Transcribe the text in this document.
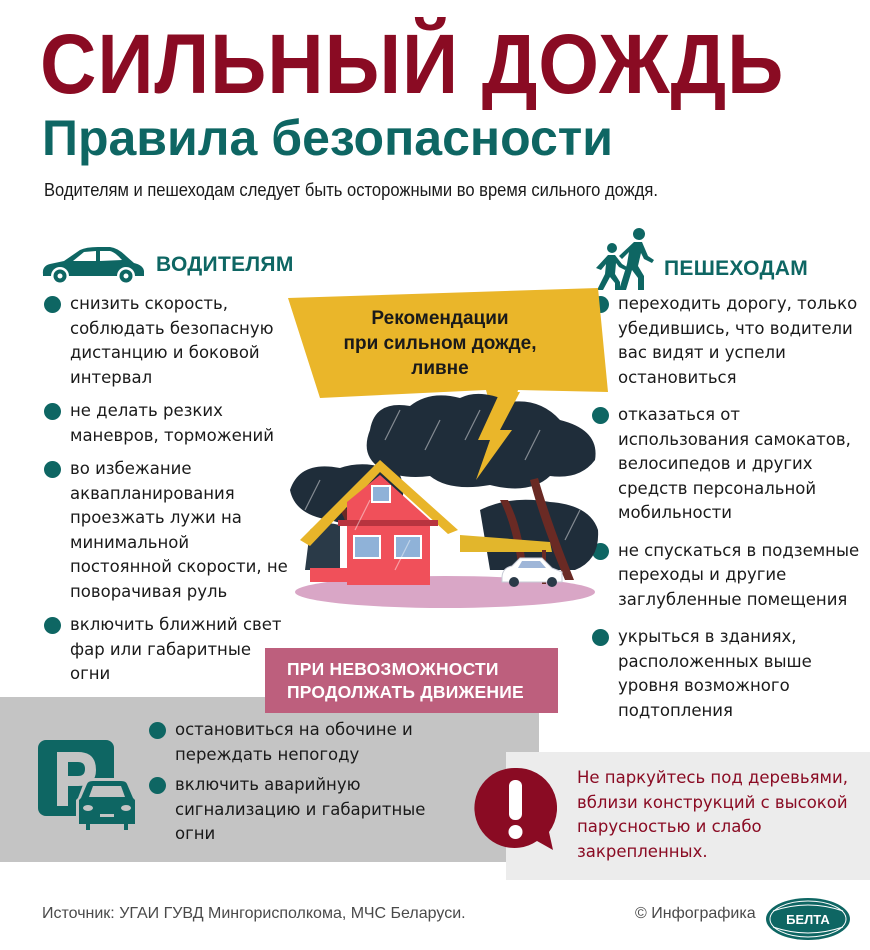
СИЛЬНЫЙ ДОЖДЬ
Правила безопасности
Водителям и пешеходам следует быть осторожными во время сильного дождя.
ВОДИТЕЛЯМ
снизить скорость, соблюдать безопасную дистанцию и боковой интервал
не делать резких маневров, торможений
во избежание аквапланирования проезжать лужи на минимальной постоянной скорости, не поворачивая руль
включить ближний свет фар или габаритные огни
ПЕШЕХОДАМ
переходить дорогу, только убедившись, что водители вас видят и успели остановиться
отказаться от использования самокатов, велосипедов и других средств персональной мобильности
не спускаться в подземные переходы и другие заглубленные помещения
укрыться в зданиях, расположенных выше уровня возможного подтопления
Рекомендации
при сильном дожде,
ливне
ПРИ НЕВОЗМОЖНОСТИ
ПРОДОЛЖАТЬ ДВИЖЕНИЕ
остановиться на обочине и переждать непогоду
включить аварийную сигнализацию и габаритные огни
Не паркуйтесь под деревьями, вблизи конструкций с высокой парусностью и слабо закрепленных.
Источник: УГАИ ГУВД Мингорисполкома, МЧС Беларуси.	© Инфографика БЕЛТА
